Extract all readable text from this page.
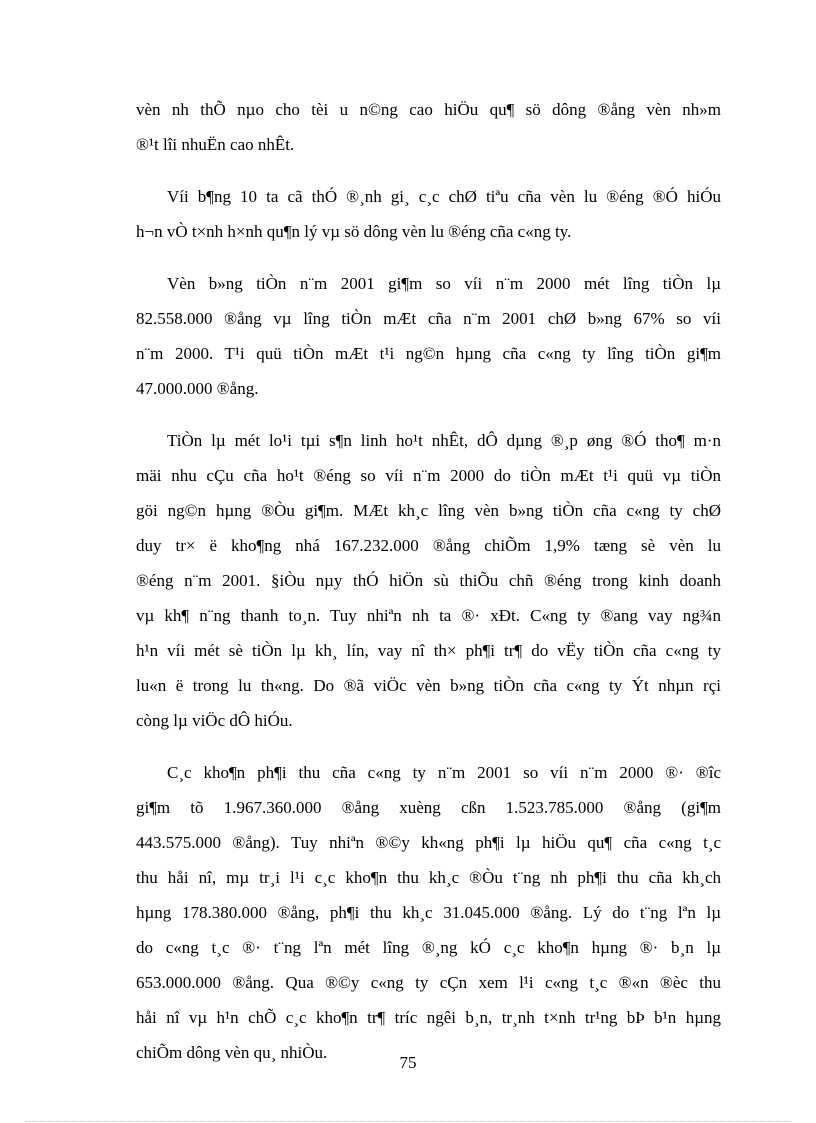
vèn nh thÕ nµo cho tèi u n©ng cao hiÖu qu¶ sö dông ®ång vèn nh»m
®¹t lîi nhuËn cao nhÊt.
Víi b¶ng 10 ta cã thÓ ®¸nh gi¸ c¸c chØ tiªu cña vèn lu ®éng ®Ó hiÓu
h¬n vÒ t×nh h×nh qu¶n lý vµ sö dông vèn lu ®éng cña c«ng ty.
Vèn b»ng tiÒn n¨m 2001 gi¶m so víi n¨m 2000 mét lîng tiÒn lµ
82.558.000 ®ång vµ lîng tiÒn mÆt cña n¨m 2001 chØ b»ng 67% so víi
n¨m 2000. T¹i quü tiÒn mÆt t¹i ng©n hµng cña c«ng ty lîng tiÒn gi¶m
47.000.000 ®ång.
TiÒn lµ mét lo¹i tµi s¶n linh ho¹t nhÊt, dÔ dµng ®¸p øng ®Ó tho¶ m·n
mäi nhu cÇu cña ho¹t ®éng so víi n¨m 2000 do tiÒn mÆt t¹i quü vµ tiÒn
göi ng©n hµng ®Òu gi¶m. MÆt kh¸c lîng vèn b»ng tiÒn cña c«ng ty chØ
duy tr× ë kho¶ng nhá 167.232.000 ®ång chiÕm 1,9% tæng sè vèn lu
®éng n¨m 2001. §iÒu nµy thÓ hiÖn sù thiÕu chñ ®éng trong kinh doanh
vµ kh¶ n¨ng thanh to¸n. Tuy nhiªn nh ta ®· xÐt. C«ng ty ®ang vay ng¾n
h¹n víi mét sè tiÒn lµ kh¸ lín, vay nî th× ph¶i tr¶ do vËy tiÒn cña c«ng ty
lu«n ë trong lu th«ng. Do ®ã viÖc vèn b»ng tiÒn cña c«ng ty Ýt nhµn rçi
còng lµ viÖc dÔ hiÓu.
C¸c kho¶n ph¶i thu cña c«ng ty n¨m 2001 so víi n¨m 2000 ®· ®îc
gi¶m tõ 1.967.360.000 ®ång xuèng cßn 1.523.785.000 ®ång (gi¶m
443.575.000 ®ång). Tuy nhiªn ®©y kh«ng ph¶i lµ hiÖu qu¶ cña c«ng t¸c
thu håi nî, mµ tr¸i l¹i c¸c kho¶n thu kh¸c ®Òu t¨ng nh ph¶i thu cña kh¸ch
hµng 178.380.000 ®ång, ph¶i thu kh¸c 31.045.000 ®ång. Lý do t¨ng lªn lµ
do c«ng t¸c ®· t¨ng lªn mét lîng ®¸ng kÓ c¸c kho¶n hµng ®· b¸n lµ
653.000.000 ®ång. Qua ®©y c«ng ty cÇn xem l¹i c«ng t¸c ®«n ®èc thu
håi nî vµ h¹n chÕ c¸c kho¶n tr¶ tríc ngêi b¸n, tr¸nh t×nh tr¹ng bÞ b¹n hµng
chiÕm dông vèn qu¸ nhiÒu.
75
